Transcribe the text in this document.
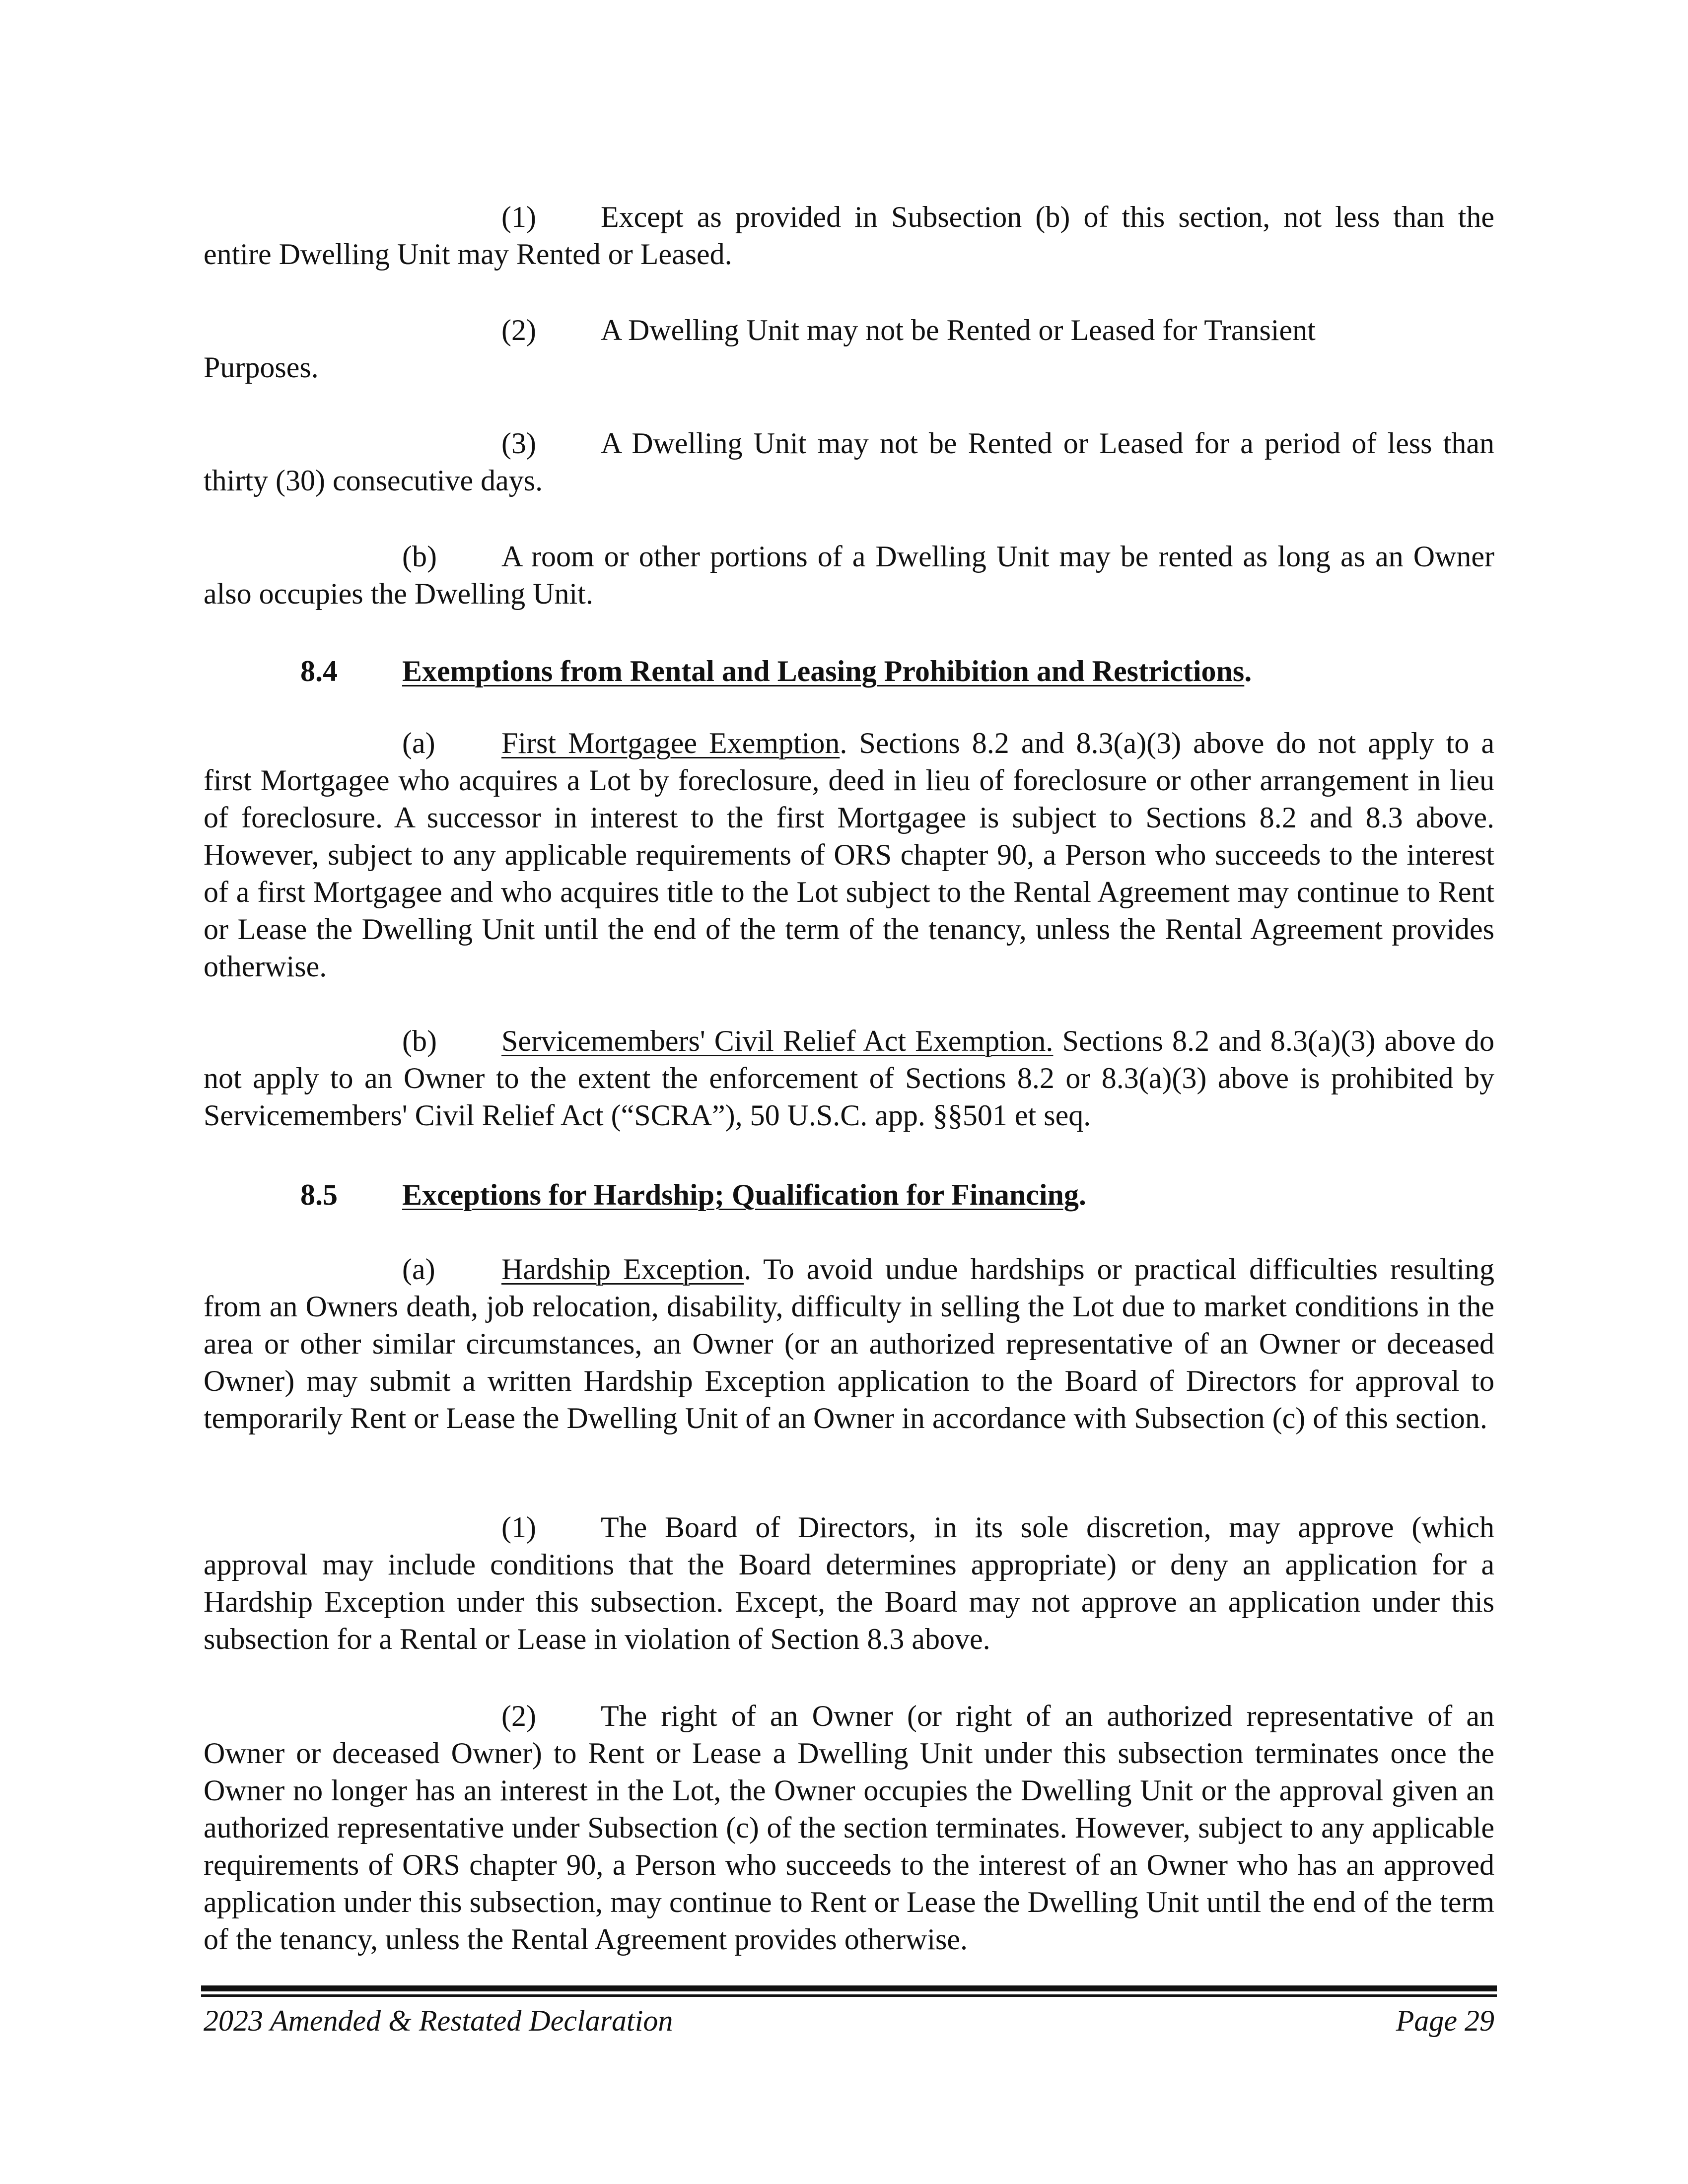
(1) Except as provided in Subsection (b) of this section, not less than the entire Dwelling Unit may Rented or Leased.

(2) A Dwelling Unit may not be Rented or Leased for Transient

Purposes.

(3) A Dwelling Unit may not be Rented or Leased for a period of less than thirty (30) consecutive days.

(b) A room or other portions of a Dwelling Unit may be rented as long as an Owner also occupies the Dwelling Unit.

8.4 Exemptions from Rental and Leasing Prohibition and Restrictions.

(a) First Mortgagee Exemption. Sections 8.2 and 8.3(a)(3) above do not apply to a first Mortgagee who acquires a Lot by foreclosure, deed in lieu of foreclosure or other arrangement in lieu of foreclosure. A successor in interest to the first Mortgagee is subject to Sections 8.2 and 8.3 above. However, subject to any applicable requirements of ORS chapter 90, a Person who succeeds to the interest of a first Mortgagee and who acquires title to the Lot subject to the Rental Agreement may continue to Rent or Lease the Dwelling Unit until the end of the term of the tenancy, unless the Rental Agreement provides otherwise.

(b) Servicemembers' Civil Relief Act Exemption. Sections 8.2 and 8.3(a)(3) above do not apply to an Owner to the extent the enforcement of Sections 8.2 or 8.3(a)(3) above is prohibited by Servicemembers' Civil Relief Act (“SCRA”), 50 U.S.C. app. §§501 et seq.

8.5 Exceptions for Hardship; Qualification for Financing.

(a) Hardship Exception. To avoid undue hardships or practical difficulties resulting from an Owners death, job relocation, disability, difficulty in selling the Lot due to market conditions in the area or other similar circumstances, an Owner (or an authorized representative of an Owner or deceased Owner) may submit a written Hardship Exception application to the Board of Directors for approval to temporarily Rent or Lease the Dwelling Unit of an Owner in accordance with Subsection (c) of this section.

(1) The Board of Directors, in its sole discretion, may approve (which approval may include conditions that the Board determines appropriate) or deny an application for a Hardship Exception under this subsection. Except, the Board may not approve an application under this subsection for a Rental or Lease in violation of Section 8.3 above.

(2) The right of an Owner (or right of an authorized representative of an Owner or deceased Owner) to Rent or Lease a Dwelling Unit under this subsection terminates once the Owner no longer has an interest in the Lot, the Owner occupies the Dwelling Unit or the approval given an authorized representative under Subsection (c) of the section terminates. However, subject to any applicable requirements of ORS chapter 90, a Person who succeeds to the interest of an Owner who has an approved application under this subsection, may continue to Rent or Lease the Dwelling Unit until the end of the term of the tenancy, unless the Rental Agreement provides otherwise.

2023 Amended & Restated Declaration	Page 29
